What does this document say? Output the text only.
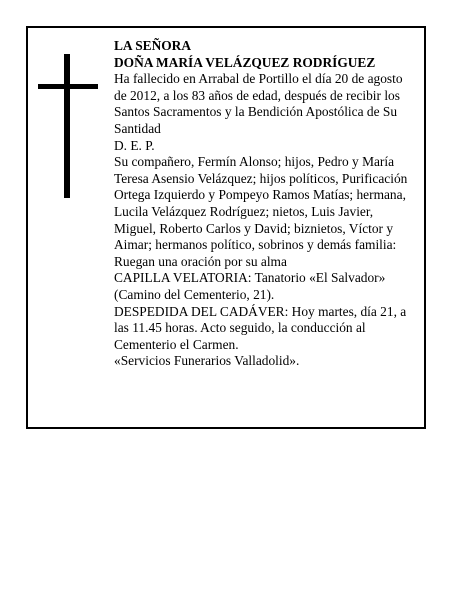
LA SEÑORA
DOÑA MARÍA VELÁZQUEZ RODRÍGUEZ
Ha fallecido en Arrabal de Portillo el día 20 de agosto
de 2012, a los 83 años de edad, después de recibir los
Santos Sacramentos y la Bendición Apostólica de Su
Santidad
D. E. P.
Su compañero, Fermín Alonso; hijos, Pedro y María
Teresa Asensio Velázquez; hijos políticos, Purificación
Ortega Izquierdo y Pompeyo Ramos Matías; hermana,
Lucila Velázquez Rodríguez; nietos, Luis Javier,
Miguel, Roberto Carlos y David; biznietos, Víctor y
Aimar; hermanos político, sobrinos y demás familia:
Ruegan una oración por su alma
CAPILLA VELATORIA: Tanatorio «El Salvador»
(Camino del Cementerio, 21).
DESPEDIDA DEL CADÁVER: Hoy martes, día 21, a
las 11.45 horas. Acto seguido, la conducción al
Cementerio el Carmen.
«Servicios Funerarios Valladolid».
